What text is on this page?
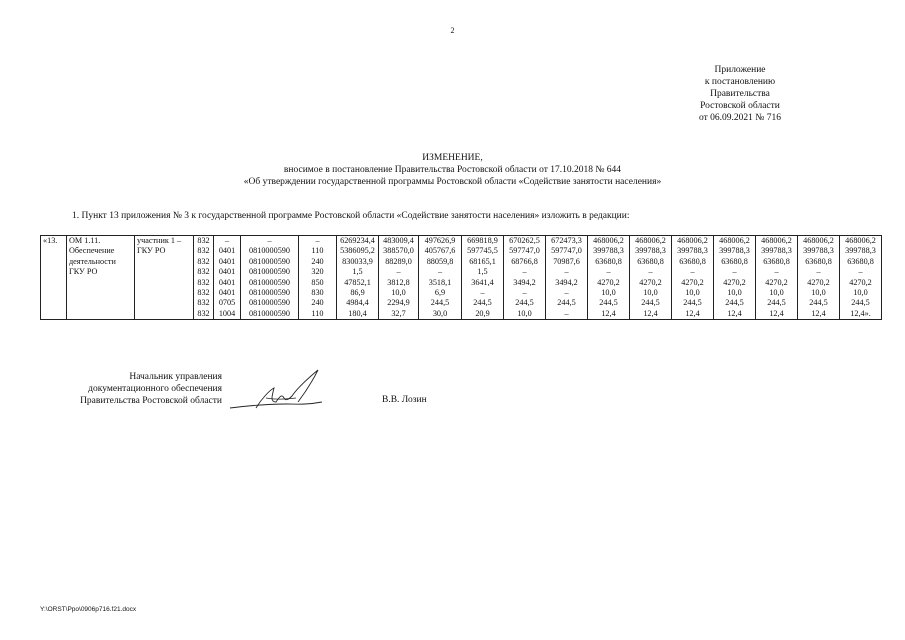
2
Приложение
к постановлению
Правительства
Ростовской области
от 06.09.2021 № 716
ИЗМЕНЕНИЕ,
вносимое в постановление Правительства Ростовской области от 17.10.2018 № 644
«Об утверждении государственной программы Ростовской области «Содействие занятости населения»
1. Пункт 13 приложения № 3 к государственной программе Ростовской области «Содействие занятости населения» изложить в редакции:
«13.	ОМ 1.11.	участник 1 –	832	–	–	–	6269234,4	483009,4	497626,9	669818,9	670262,5	672473,3	468006,2	468006,2	468006,2	468006,2	468006,2	468006,2	468006,2
	Обеспечение	ГКУ РО	832	0401	0810000590	110	5386095,2	388570,0	405767,6	597745,5	597747,0	597747,0	399788,3	399788,3	399788,3	399788,3	399788,3	399788,3	399788,3
	деятельности		832	0401	0810000590	240	830033,9	88289,0	88059,8	68165,1	68766,8	70987,6	63680,8	63680,8	63680,8	63680,8	63680,8	63680,8	63680,8
	ГКУ РО		832	0401	0810000590	320	1,5	–	–	1,5	–	–	–	–	–	–	–	–	–
			832	0401	0810000590	850	47852,1	3812,8	3518,1	3641,4	3494,2	3494,2	4270,2	4270,2	4270,2	4270,2	4270,2	4270,2	4270,2
			832	0401	0810000590	830	86,9	10,0	6,9	–	–	–	10,0	10,0	10,0	10,0	10,0	10,0	10,0
			832	0705	0810000590	240	4984,4	2294,9	244,5	244,5	244,5	244,5	244,5	244,5	244,5	244,5	244,5	244,5	244,5
			832	1004	0810000590	110	180,4	32,7	30,0	20,9	10,0	–	12,4	12,4	12,4	12,4	12,4	12,4	12,4».
Начальник управления
документационного обеспечения
Правительства Ростовской области	В.В. Лозин
Y:\ORST\Ppo\0906p716.f21.docx
